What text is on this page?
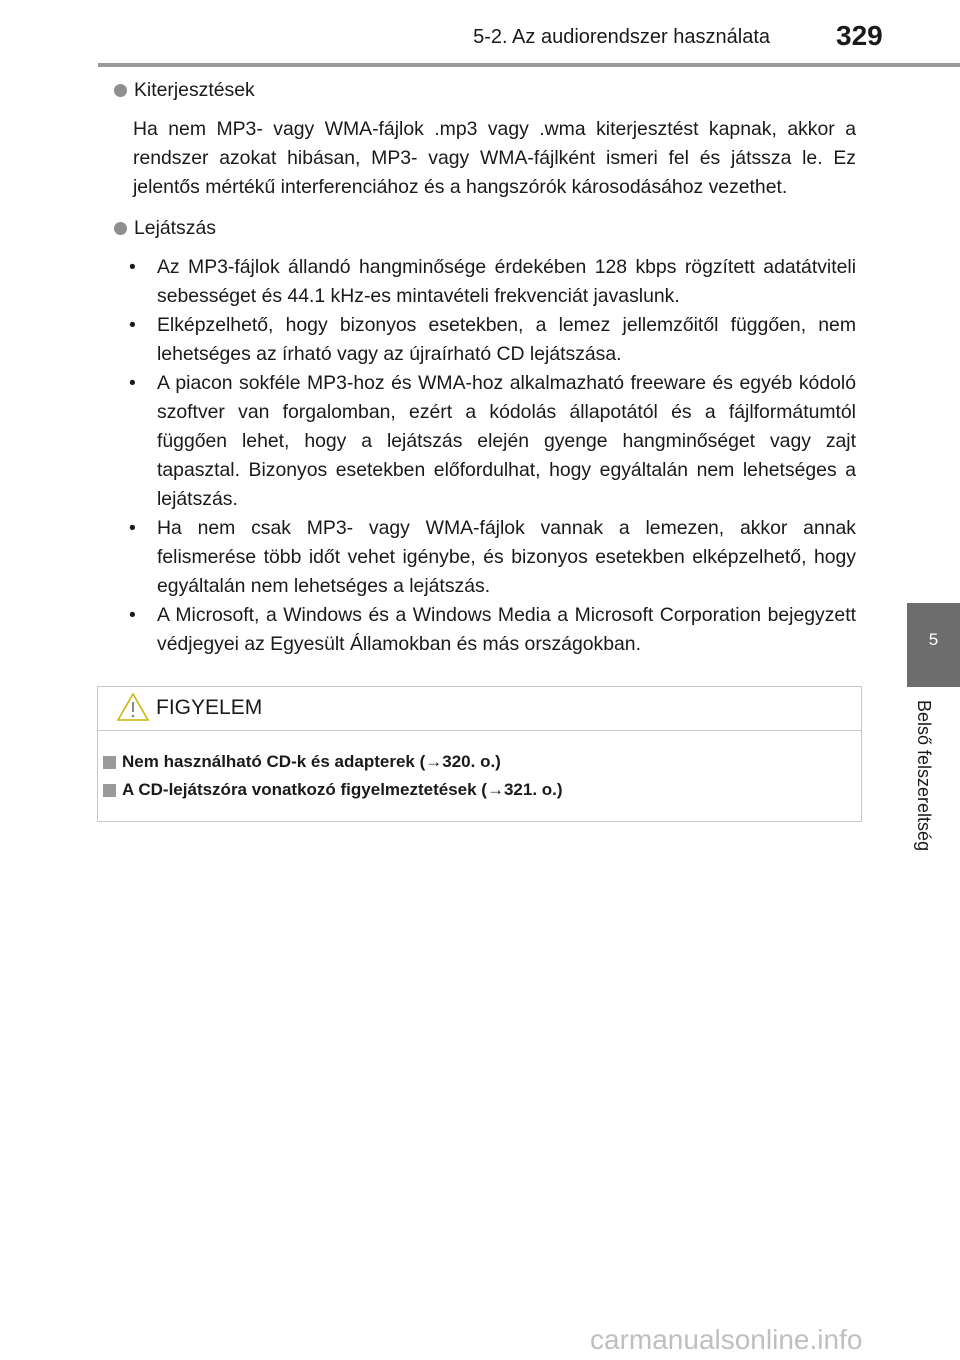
5-2. Az audiorendszer használata 329
5
Belső felszereltség
Kiterjesztések

Ha nem MP3- vagy WMA-fájlok .mp3 vagy .wma kiterjesztést kapnak, akkor a rendszer azokat hibásan, MP3- vagy WMA-fájlként ismeri fel és játssza le. Ez jelentős mértékű interferenciához és a hangszórók károsodásához vezethet.

Lejátszás
• Az MP3-fájlok állandó hangminősége érdekében 128 kbps rögzített adatátviteli sebességet és 44.1 kHz-es mintavételi frekvenciát javaslunk.
• Elképzelhető, hogy bizonyos esetekben, a lemez jellemzőitől függően, nem lehetséges az írható vagy az újraírható CD lejátszása.
• A piacon sokféle MP3-hoz és WMA-hoz alkalmazható freeware és egyéb kódoló szoftver van forgalomban, ezért a kódolás állapotától és a fájlformátumtól függően lehet, hogy a lejátszás elején gyenge hangminőséget vagy zajt tapasztal. Bizonyos esetekben előfordulhat, hogy egyáltalán nem lehetséges a lejátszás.
• Ha nem csak MP3- vagy WMA-fájlok vannak a lemezen, akkor annak felismerése több időt vehet igénybe, és bizonyos esetekben elképzelhető, hogy egyáltalán nem lehetséges a lejátszás.
• A Microsoft, a Windows és a Windows Media a Microsoft Corporation bejegyzett védjegyei az Egyesült Államokban és más országokban.
FIGYELEM
Nem használható CD-k és adapterek (→320. o.)
A CD-lejátszóra vonatkozó figyelmeztetések (→321. o.)
carmanualsonline.info
